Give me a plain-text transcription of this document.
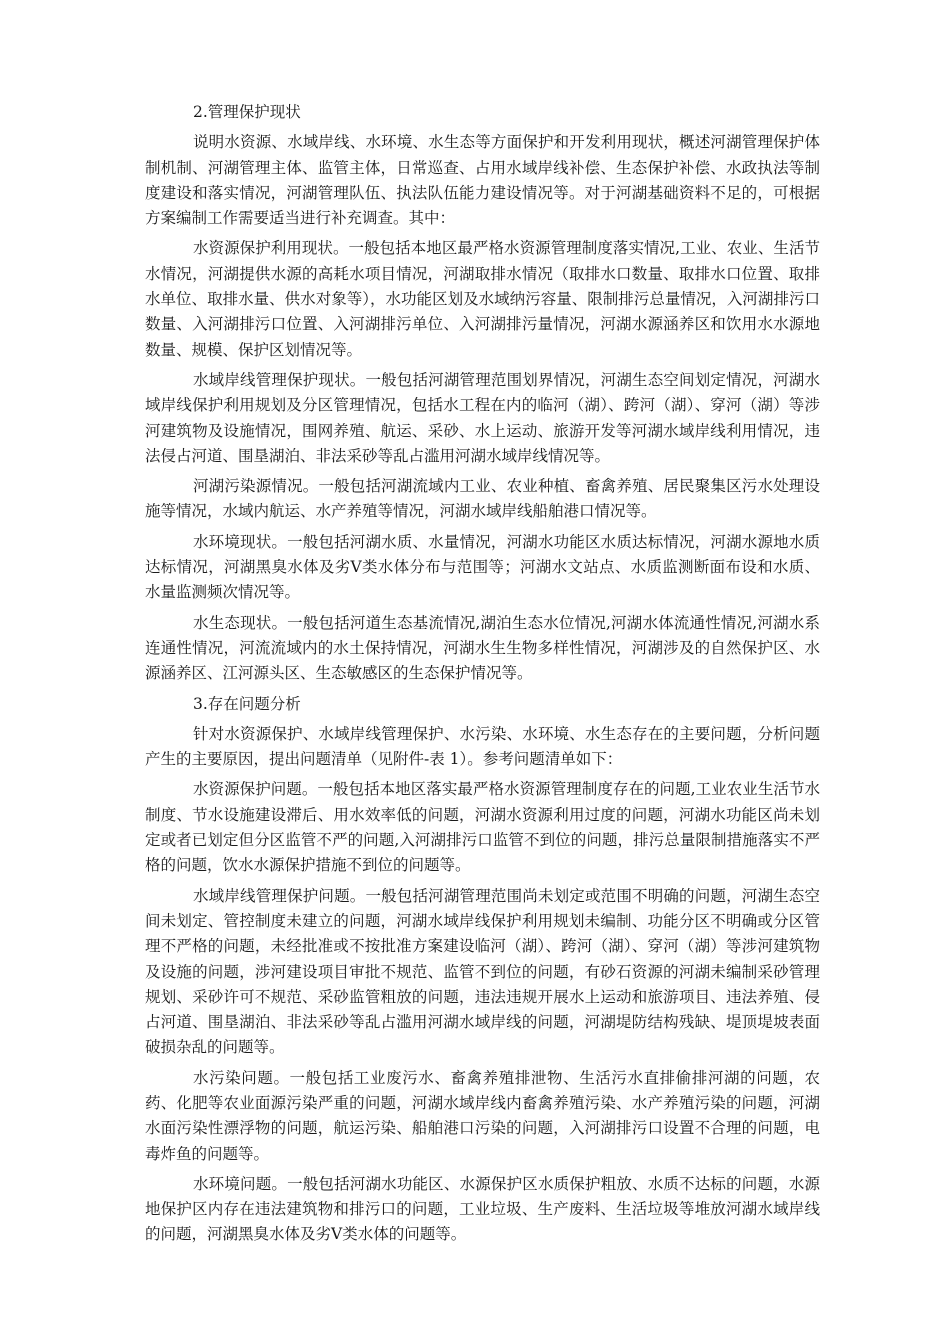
2.管理保护现状

说明水资源、水域岸线、水环境、水生态等方面保护和开发利用现状，概述河湖管理保护体制机制、河湖管理主体、监管主体，日常巡查、占用水域岸线补偿、生态保护补偿、水政执法等制度建设和落实情况，河湖管理队伍、执法队伍能力建设情况等。对于河湖基础资料不足的，可根据方案编制工作需要适当进行补充调查。其中：

水资源保护利用现状。一般包括本地区最严格水资源管理制度落实情况,工业、农业、生活节水情况，河湖提供水源的高耗水项目情况，河湖取排水情况（取排水口数量、取排水口位置、取排水单位、取排水量、供水对象等），水功能区划及水域纳污容量、限制排污总量情况，入河湖排污口数量、入河湖排污口位置、入河湖排污单位、入河湖排污量情况，河湖水源涵养区和饮用水水源地数量、规模、保护区划情况等。

水域岸线管理保护现状。一般包括河湖管理范围划界情况，河湖生态空间划定情况，河湖水域岸线保护利用规划及分区管理情况，包括水工程在内的临河（湖）、跨河（湖）、穿河（湖）等涉河建筑物及设施情况，围网养殖、航运、采砂、水上运动、旅游开发等河湖水域岸线利用情况，违法侵占河道、围垦湖泊、非法采砂等乱占滥用河湖水域岸线情况等。

河湖污染源情况。一般包括河湖流域内工业、农业种植、畜禽养殖、居民聚集区污水处理设施等情况，水域内航运、水产养殖等情况，河湖水域岸线船舶港口情况等。

水环境现状。一般包括河湖水质、水量情况，河湖水功能区水质达标情况，河湖水源地水质达标情况，河湖黑臭水体及劣Ⅴ类水体分布与范围等；河湖水文站点、水质监测断面布设和水质、水量监测频次情况等。

水生态现状。一般包括河道生态基流情况,湖泊生态水位情况,河湖水体流通性情况,河湖水系连通性情况，河流流域内的水土保持情况，河湖水生生物多样性情况，河湖涉及的自然保护区、水源涵养区、江河源头区、生态敏感区的生态保护情况等。

3.存在问题分析

针对水资源保护、水域岸线管理保护、水污染、水环境、水生态存在的主要问题，分析问题产生的主要原因，提出问题清单（见附件-表 1）。参考问题清单如下：

水资源保护问题。一般包括本地区落实最严格水资源管理制度存在的问题,工业农业生活节水制度、节水设施建设滞后、用水效率低的问题，河湖水资源利用过度的问题，河湖水功能区尚未划定或者已划定但分区监管不严的问题,入河湖排污口监管不到位的问题，排污总量限制措施落实不严格的问题，饮水水源保护措施不到位的问题等。

水域岸线管理保护问题。一般包括河湖管理范围尚未划定或范围不明确的问题，河湖生态空间未划定、管控制度未建立的问题，河湖水域岸线保护利用规划未编制、功能分区不明确或分区管理不严格的问题，未经批准或不按批准方案建设临河（湖）、跨河（湖）、穿河（湖）等涉河建筑物及设施的问题，涉河建设项目审批不规范、监管不到位的问题，有砂石资源的河湖未编制采砂管理规划、采砂许可不规范、采砂监管粗放的问题，违法违规开展水上运动和旅游项目、违法养殖、侵占河道、围垦湖泊、非法采砂等乱占滥用河湖水域岸线的问题，河湖堤防结构残缺、堤顶堤坡表面破损杂乱的问题等。

水污染问题。一般包括工业废污水、畜禽养殖排泄物、生活污水直排偷排河湖的问题，农药、化肥等农业面源污染严重的问题，河湖水域岸线内畜禽养殖污染、水产养殖污染的问题，河湖水面污染性漂浮物的问题，航运污染、船舶港口污染的问题，入河湖排污口设置不合理的问题，电毒炸鱼的问题等。

水环境问题。一般包括河湖水功能区、水源保护区水质保护粗放、水质不达标的问题，水源地保护区内存在违法建筑物和排污口的问题，工业垃圾、生产废料、生活垃圾等堆放河湖水域岸线的问题，河湖黑臭水体及劣Ⅴ类水体的问题等。
